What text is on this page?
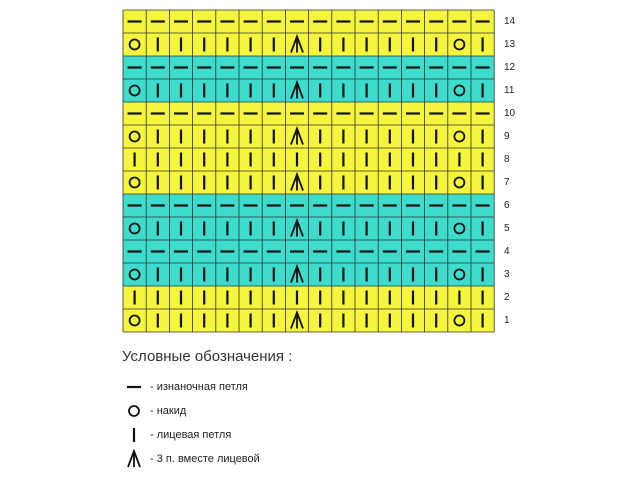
14
13
12
11
10
9
8
7
6
5
4
3
2
1
Условные обозначения :
- изнаночная петля
- накид
- лицевая петля
- 3 п. вместе лицевой
